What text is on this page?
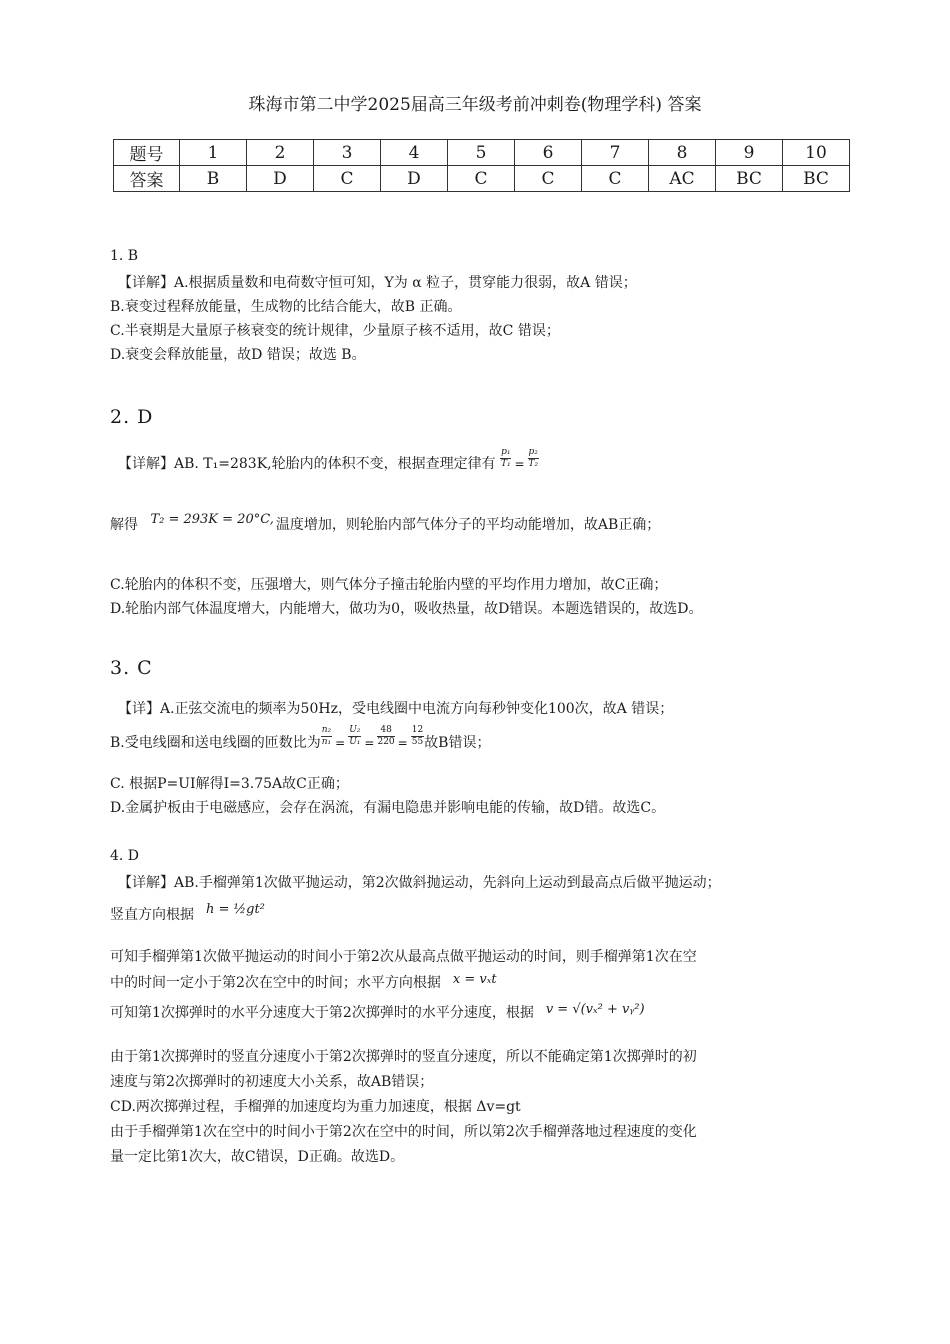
珠海市第二中学2025届高三年级考前冲刺卷(物理学科) 答案
题号	1	2	3	4	5	6	7	8	9	10
答案	B	D	C	D	C	C	C	AC	BC	BC
1. B
【详解】A.根据质量数和电荷数守恒可知，Y为 α 粒子，贯穿能力很弱，故A 错误；
B.衰变过程释放能量，生成物的比结合能大，故B 正确。
C.半衰期是大量原子核衰变的统计规律，少量原子核不适用，故C 错误；
D.衰变会释放能量，故D 错误；故选 B。
2. D
【详解】AB. T₁=283K,轮胎内的体积不变，根据查理定律有 $\frac{\text{p₁}}{\text{T₁}} = \frac{\text{p₂}}{\text{T₂}}$
解得 T₂ = 293K = 20°C, 温度增加，则轮胎内部气体分子的平均动能增加，故AB正确；
C.轮胎内的体积不变，压强增大，则气体分子撞击轮胎内壁的平均作用力增加，故C正确；
D.轮胎内部气体温度增大，内能增大，做功为0，吸收热量，故D错误。本题选错误的，故选D。
3. C
【详】A.正弦交流电的频率为50Hz，受电线圈中电流方向每秒钟变化100次，故A 错误；
B.受电线圈和送电线圈的匝数比为 $\frac{\text{n₂}}{\text{n₁}} = \frac{\text{U₂}}{\text{U₁}} = \frac{48}{220} = \frac{12}{55}$ 故B错误；
C. 根据P=UI解得I=3.75A故C正确；
D.金属护板由于电磁感应，会存在涡流，有漏电隐患并影响电能的传输，故D错。故选C。
4. D
【详解】AB.手榴弹第1次做平抛运动，第2次做斜抛运动，先斜向上运动到最高点后做平抛运动；
竖直方向根据 h = ½gt²
可知手榴弹第1次做平抛运动的时间小于第2次从最高点做平抛运动的时间，则手榴弹第1次在空
中的时间一定小于第2次在空中的时间；水平方向根据 x = vₓt
可知第1次掷弹时的水平分速度大于第2次掷弹时的水平分速度，根据 v = √(vₓ² + vᵧ²)
由于第1次掷弹时的竖直分速度小于第2次掷弹时的竖直分速度，所以不能确定第1次掷弹时的初
速度与第2次掷弹时的初速度大小关系，故AB错误；
CD.两次掷弹过程，手榴弹的加速度均为重力加速度，根据 Δv=gt
由于手榴弹第1次在空中的时间小于第2次在空中的时间，所以第2次手榴弹落地过程速度的变化
量一定比第1次大，故C错误，D正确。故选D。
